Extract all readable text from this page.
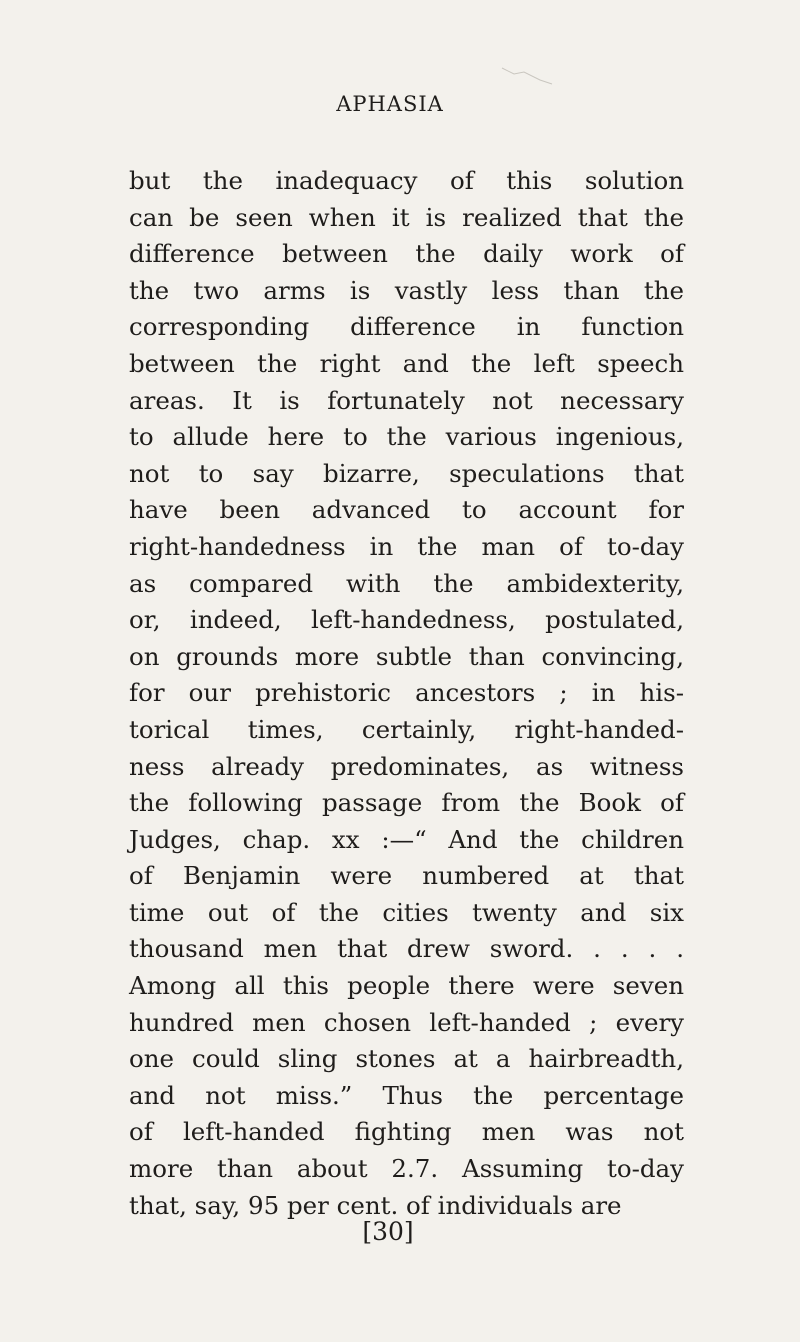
APHASIA
but the inadequacy of this solution
can be seen when it is realized that the
difference between the daily work of
the two arms is vastly less than the
corresponding difference in function
between the right and the left speech
areas. It is fortunately not necessary
to allude here to the various ingenious,
not to say bizarre, speculations that
have been advanced to account for
right-handedness in the man of to-day
as compared with the ambidexterity,
or, indeed, left-handedness, postulated,
on grounds more subtle than convincing,
for our prehistoric ancestors ; in his-
torical times, certainly, right-handed-
ness already predominates, as witness
the following passage from the Book of
Judges, chap. xx :—“ And the children
of Benjamin were numbered at that
time out of the cities twenty and six
thousand men that drew sword. . . . .
Among all this people there were seven
hundred men chosen left-handed ; every
one could sling stones at a hairbreadth,
and not miss.” Thus the percentage
of left-handed fighting men was not
more than about 2.7. Assuming to-day
that, say, 95 per cent. of individuals are
[30]
